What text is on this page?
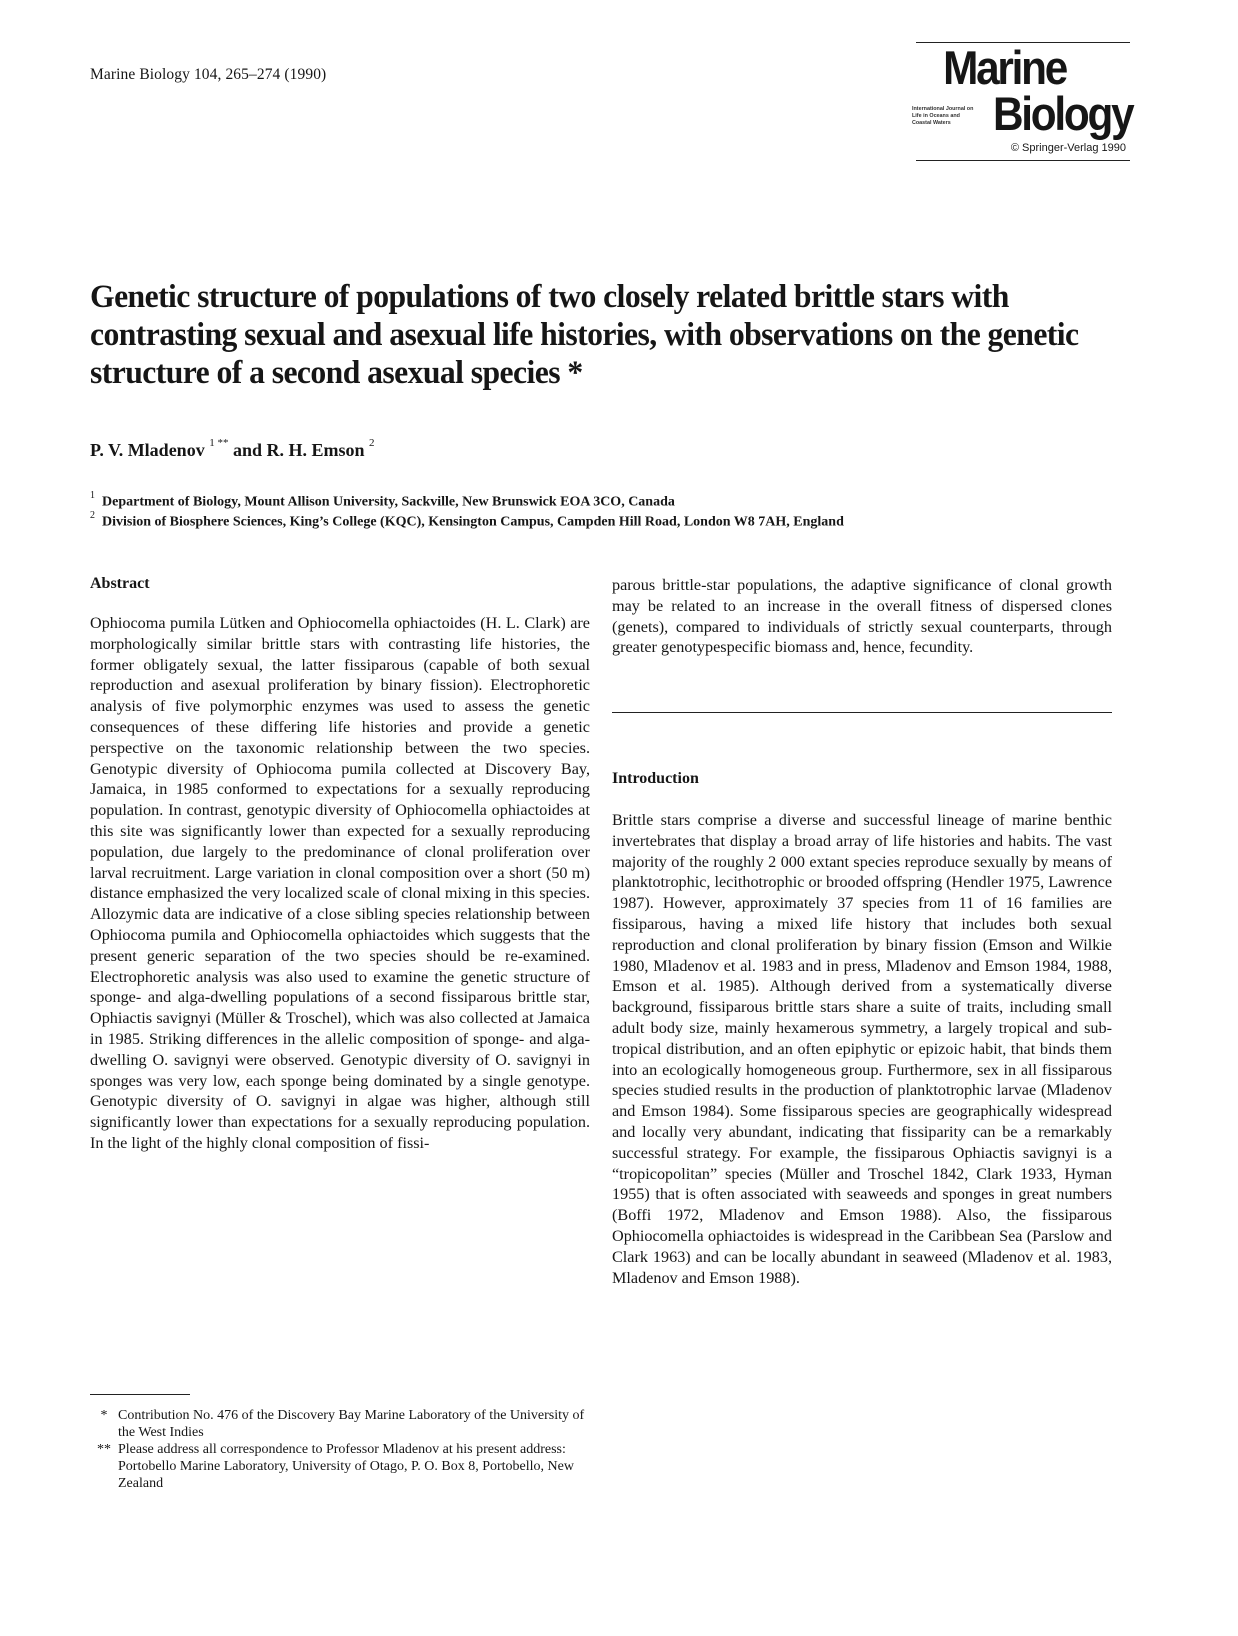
Marine Biology 104, 265–274 (1990)	Marine
International Journal on Life in Oceans and Coastal Waters Biology
© Springer-Verlag 1990
Genetic structure of populations of two closely related brittle stars with contrasting sexual and asexual life histories, with observations on the genetic structure of a second asexual species *
P. V. Mladenov $^{1 **}$ and R. H. Emson $^2$
$^1$ Department of Biology, Mount Allison University, Sackville, New Brunswick EOA 3CO, Canada
$^2$ Division of Biosphere Sciences, King’s College (KQC), Kensington Campus, Campden Hill Road, London W8 7AH, England
Abstract
Ophiocoma pumila Lütken and Ophiocomella ophiactoides (H. L. Clark) are morphologically similar brittle stars with contrasting life histories, the former obligately sexual, the latter fissiparous (capable of both sexual reproduction and asexual proliferation by binary fission). Electrophoretic analysis of five polymorphic enzymes was used to assess the genetic consequences of these differing life histories and provide a genetic perspective on the taxonomic relationship between the two species. Genotypic diversity of Ophiocoma pumila collected at Discovery Bay, Jamaica, in 1985 conformed to expectations for a sexually reproducing population. In contrast, genotypic diversity of Ophiocomella ophiactoides at this site was significantly lower than expected for a sexually reproducing population, due largely to the predominance of clonal proliferation over larval recruitment. Large variation in clonal composition over a short (50 m) distance emphasized the very localized scale of clonal mixing in this species. Allozymic data are indicative of a close sibling species relationship between Ophiocoma pumila and Ophiocomella ophiactoides which suggests that the present generic separation of the two species should be re-examined. Electrophoretic analysis was also used to examine the genetic structure of sponge- and alga-dwelling populations of a second fissiparous brittle star, Ophiactis savignyi (Müller & Troschel), which was also collected at Jamaica in 1985. Striking differences in the allelic composition of sponge- and alga-dwelling O. savignyi were observed. Genotypic diversity of O. savignyi in sponges was very low, each sponge being dominated by a single genotype. Genotypic diversity of O. savignyi in algae was higher, although still significantly lower than expectations for a sexually reproducing population. In the light of the highly clonal composition of fissi-
* Contribution No. 476 of the Discovery Bay Marine Laboratory of the University of the West Indies
** Please address all correspondence to Professor Mladenov at his present address: Portobello Marine Laboratory, University of Otago, P. O. Box 8, Portobello, New Zealand
parous brittle-star populations, the adaptive significance of clonal growth may be related to an increase in the overall fitness of dispersed clones (genets), compared to individuals of strictly sexual counterparts, through greater genotypespecific biomass and, hence, fecundity.
Introduction
Brittle stars comprise a diverse and successful lineage of marine benthic invertebrates that display a broad array of life histories and habits. The vast majority of the roughly 2 000 extant species reproduce sexually by means of planktotrophic, lecithotrophic or brooded offspring (Hendler 1975, Lawrence 1987). However, approximately 37 species from 11 of 16 families are fissiparous, having a mixed life history that includes both sexual reproduction and clonal proliferation by binary fission (Emson and Wilkie 1980, Mladenov et al. 1983 and in press, Mladenov and Emson 1984, 1988, Emson et al. 1985). Although derived from a systematically diverse background, fissiparous brittle stars share a suite of traits, including small adult body size, mainly hexamerous symmetry, a largely tropical and sub-tropical distribution, and an often epiphytic or epizoic habit, that binds them into an ecologically homogeneous group. Furthermore, sex in all fissiparous species studied results in the production of planktotrophic larvae (Mladenov and Emson 1984). Some fissiparous species are geographically widespread and locally very abundant, indicating that fissiparity can be a remarkably successful strategy. For example, the fissiparous Ophiactis savignyi is a “tropicopolitan” species (Müller and Troschel 1842, Clark 1933, Hyman 1955) that is often associated with seaweeds and sponges in great numbers (Boffi 1972, Mladenov and Emson 1988). Also, the fissiparous Ophiocomella ophiactoides is widespread in the Caribbean Sea (Parslow and Clark 1963) and can be locally abundant in seaweed (Mladenov et al. 1983, Mladenov and Emson 1988).
